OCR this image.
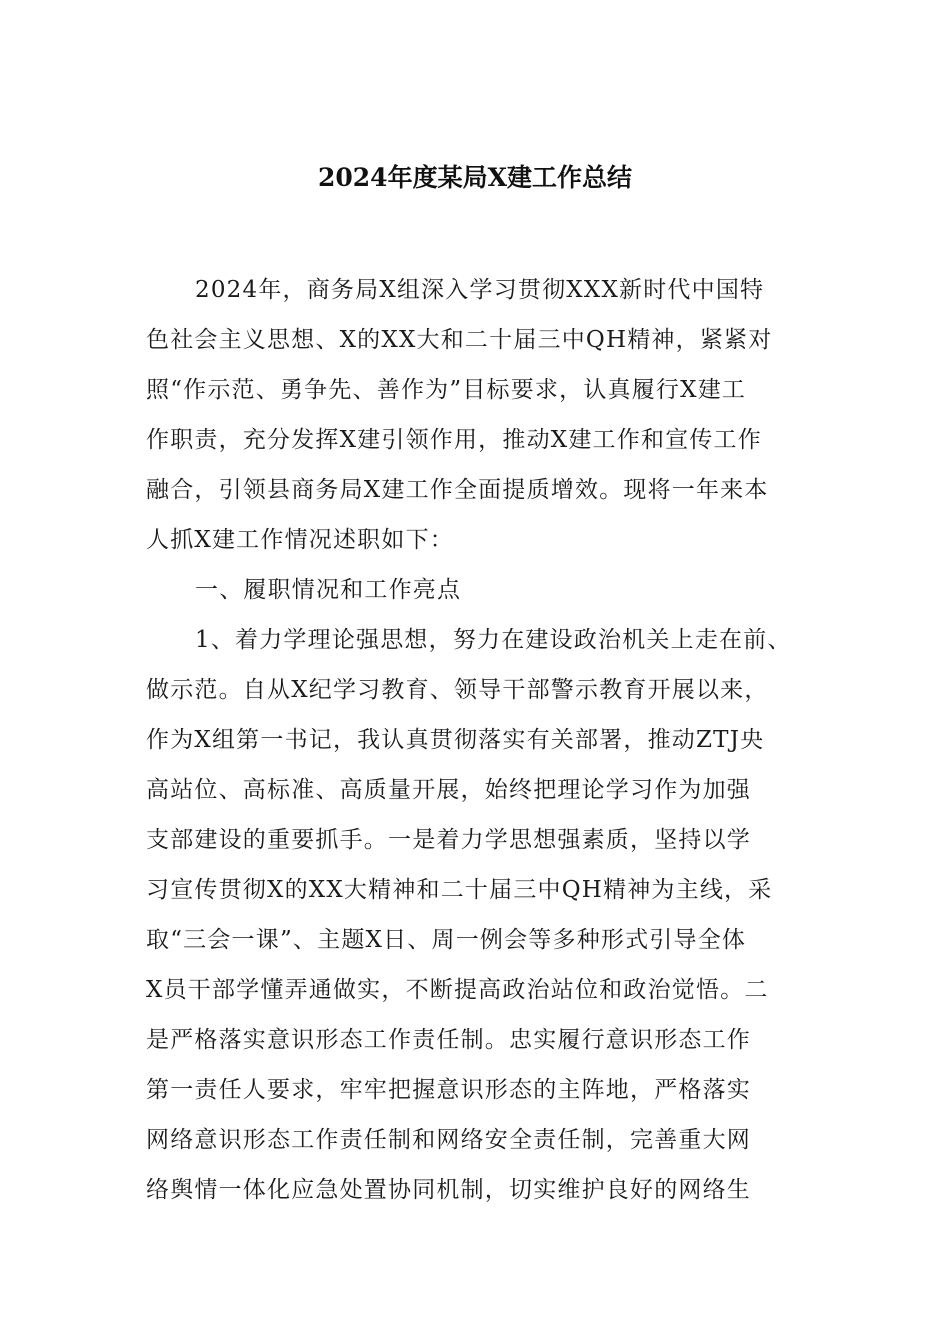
2024年度某局X建工作总结
2024年，商务局X组深入学习贯彻XXX新时代中国特
色社会主义思想、X的XX大和二十届三中QH精神，紧紧对
照“作示范、勇争先、善作为”目标要求，认真履行X建工
作职责，充分发挥X建引领作用，推动X建工作和宣传工作
融合，引领县商务局X建工作全面提质增效。现将一年来本
人抓X建工作情况述职如下：
一、履职情况和工作亮点
1、着力学理论强思想，努力在建设政治机关上走在前、
做示范。自从X纪学习教育、领导干部警示教育开展以来，
作为X组第一书记，我认真贯彻落实有关部署，推动ZTJ央
高站位、高标准、高质量开展，始终把理论学习作为加强
支部建设的重要抓手。一是着力学思想强素质，坚持以学
习宣传贯彻X的XX大精神和二十届三中QH精神为主线，采
取“三会一课”、主题X日、周一例会等多种形式引导全体
X员干部学懂弄通做实，不断提高政治站位和政治觉悟。二
是严格落实意识形态工作责任制。忠实履行意识形态工作
第一责任人要求，牢牢把握意识形态的主阵地，严格落实
网络意识形态工作责任制和网络安全责任制，完善重大网
络舆情一体化应急处置协同机制，切实维护良好的网络生
